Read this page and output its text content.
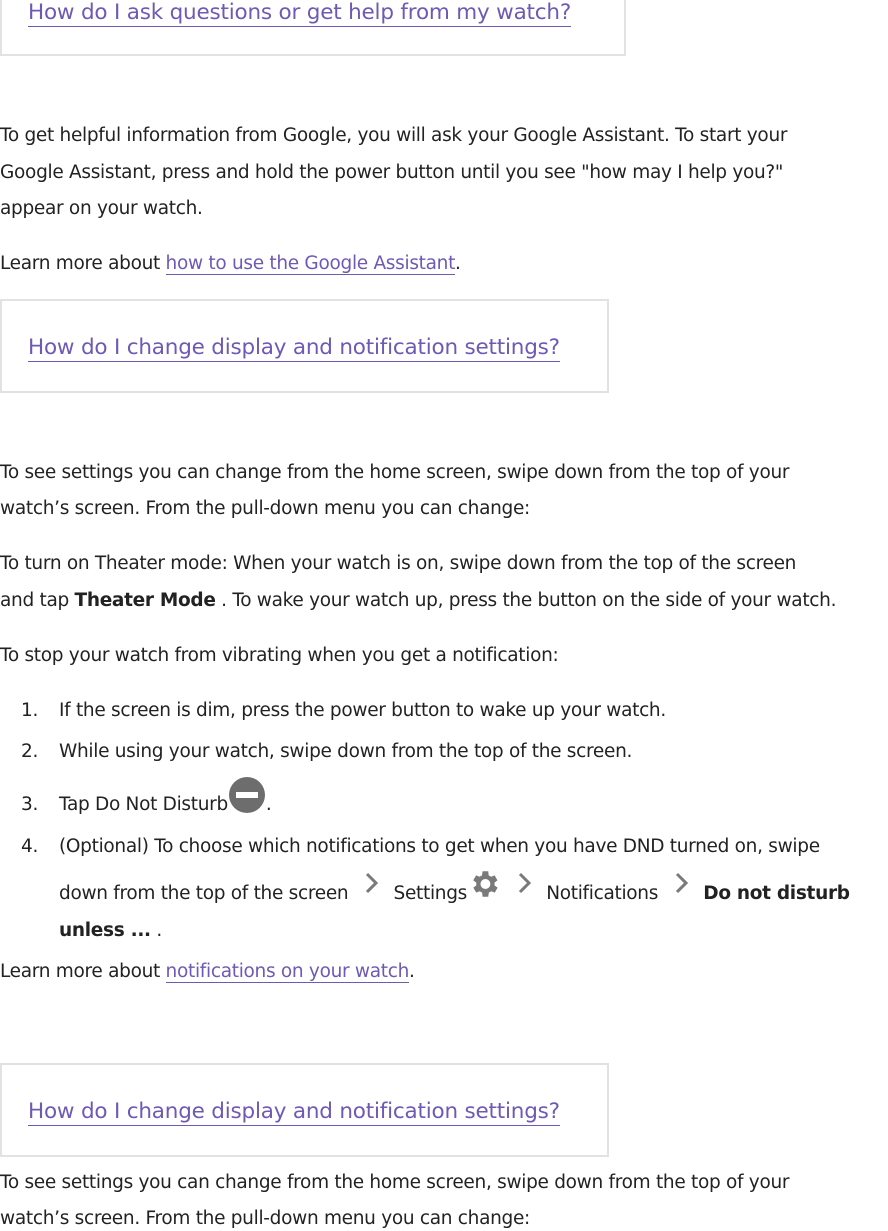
How do I ask questions or get help from my watch?
To get helpful information from Google, you will ask your Google Assistant. To start your
Google Assistant, press and hold the power button until you see "how may I help you?"
appear on your watch.
Learn more about how to use the Google Assistant.
How do I change display and notification settings?
To see settings you can change from the home screen, swipe down from the top of your
watch’s screen. From the pull-down menu you can change:
To turn on Theater mode: When your watch is on, swipe down from the top of the screen
and tap Theater Mode . To wake your watch up, press the button on the side of your watch.
To stop your watch from vibrating when you get a notification:
1. If the screen is dim, press the power button to wake up your watch.
2. While using your watch, swipe down from the top of the screen.
3. Tap Do Not Disturb .
4. (Optional) To choose which notifications to get when you have DND turned on, swipe
down from the top of the screen Settings	Notifications Do not disturb
unless ... .
Learn more about notifications on your watch.
How do I change display and notification settings?
To see settings you can change from the home screen, swipe down from the top of your
watch’s screen. From the pull-down menu you can change:
